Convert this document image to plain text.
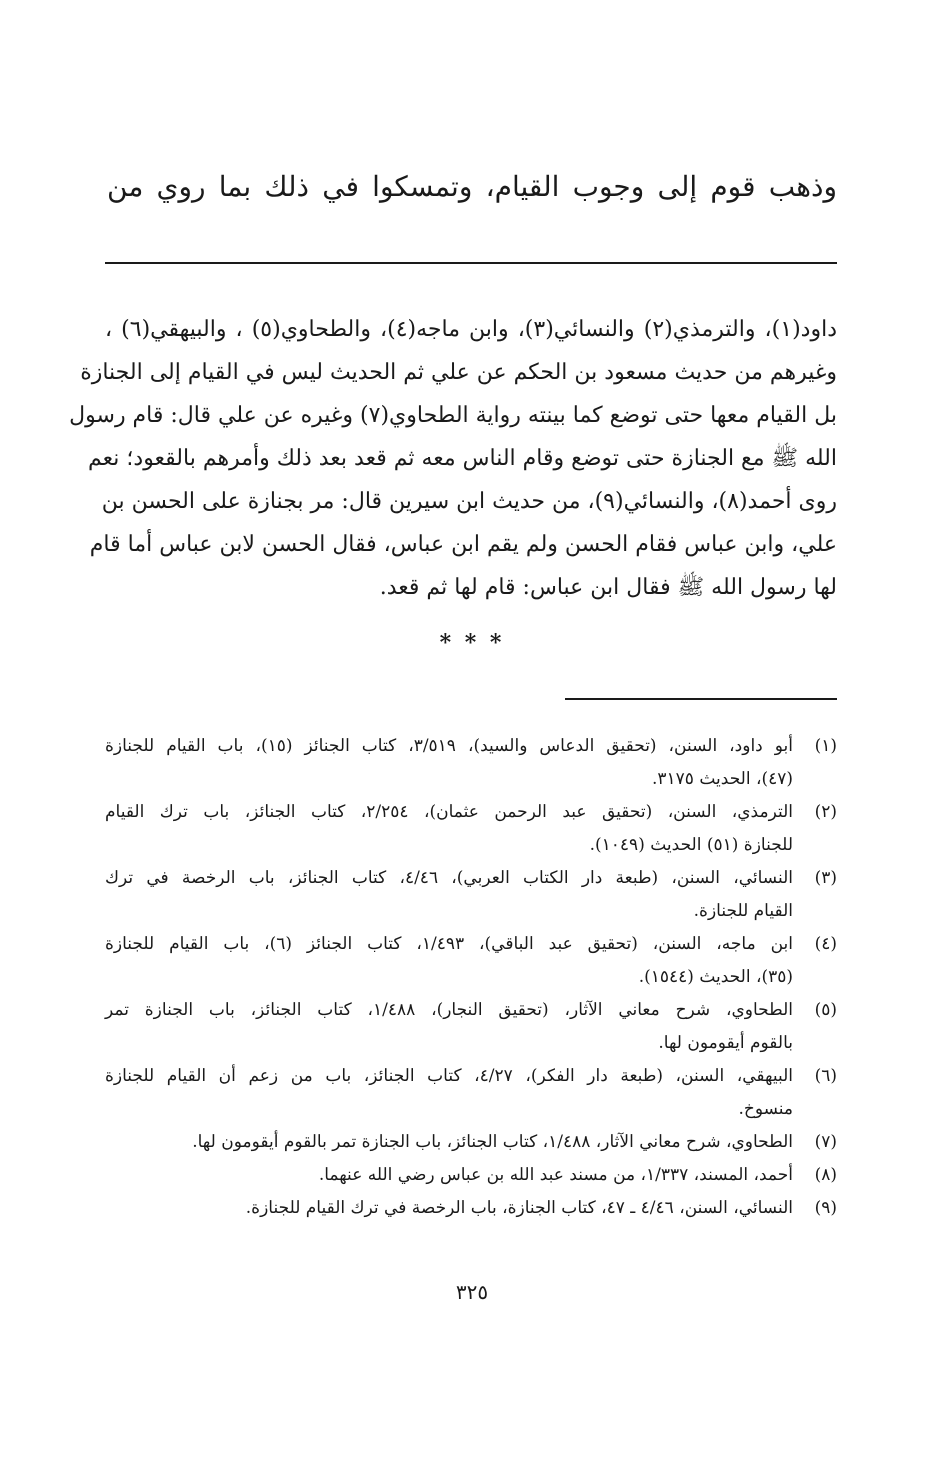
وذهب قوم إلى وجوب القيام، وتمسكوا في ذلك بما روي من
داود(١)، والترمذي(٢) والنسائي(٣)، وابن ماجه(٤)، والطحاوي(٥) ، والبيهقي(٦) ،
وغيرهم من حديث مسعود بن الحكم عن علي ثم الحديث ليس في القيام إلى الجنازة
بل القيام معها حتى توضع كما بينته رواية الطحاوي(٧) وغيره عن علي قال: قام رسول
الله ﷺ مع الجنازة حتى توضع وقام الناس معه ثم قعد بعد ذلك وأمرهم بالقعود؛ نعم
روى أحمد(٨)، والنسائي(٩)، من حديث ابن سيرين قال: مر بجنازة على الحسن بن
علي، وابن عباس فقام الحسن ولم يقم ابن عباس، فقال الحسن لابن عباس أما قام
لها رسول الله ﷺ فقال ابن عباس: قام لها ثم قعد.
* * *
(١)
أبو داود، السنن، (تحقيق الدعاس والسيد)، ٣/٥١٩، كتاب الجنائز (١٥)، باب القيام للجنازة
(٤٧)، الحديث ٣١٧٥.
(٢)
الترمذي، السنن، (تحقيق عبد الرحمن عثمان)، ٢/٢٥٤، كتاب الجنائز، باب ترك القيام
للجنازة (٥١) الحديث (١٠٤٩).
(٣)
النسائي، السنن، (طبعة دار الكتاب العربي)، ٤/٤٦، كتاب الجنائز، باب الرخصة في ترك
القيام للجنازة.
(٤)
ابن ماجه، السنن، (تحقيق عبد الباقي)، ١/٤٩٣، كتاب الجنائز (٦)، باب القيام للجنازة
(٣٥)، الحديث (١٥٤٤).
(٥)
الطحاوي، شرح معاني الآثار، (تحقيق النجار)، ١/٤٨٨، كتاب الجنائز، باب الجنازة تمر
بالقوم أيقومون لها.
(٦)
البيهقي، السنن، (طبعة دار الفكر)، ٤/٢٧، كتاب الجنائز، باب من زعم أن القيام للجنازة
منسوخ.
(٧)
الطحاوي، شرح معاني الآثار، ١/٤٨٨، كتاب الجنائز، باب الجنازة تمر بالقوم أيقومون لها.
(٨)
أحمد، المسند، ١/٣٣٧، من مسند عبد الله بن عباس رضي الله عنهما.
(٩)
النسائي، السنن، ٤/٤٦ ـ ٤٧، كتاب الجنازة، باب الرخصة في ترك القيام للجنازة.
٣٢٥
